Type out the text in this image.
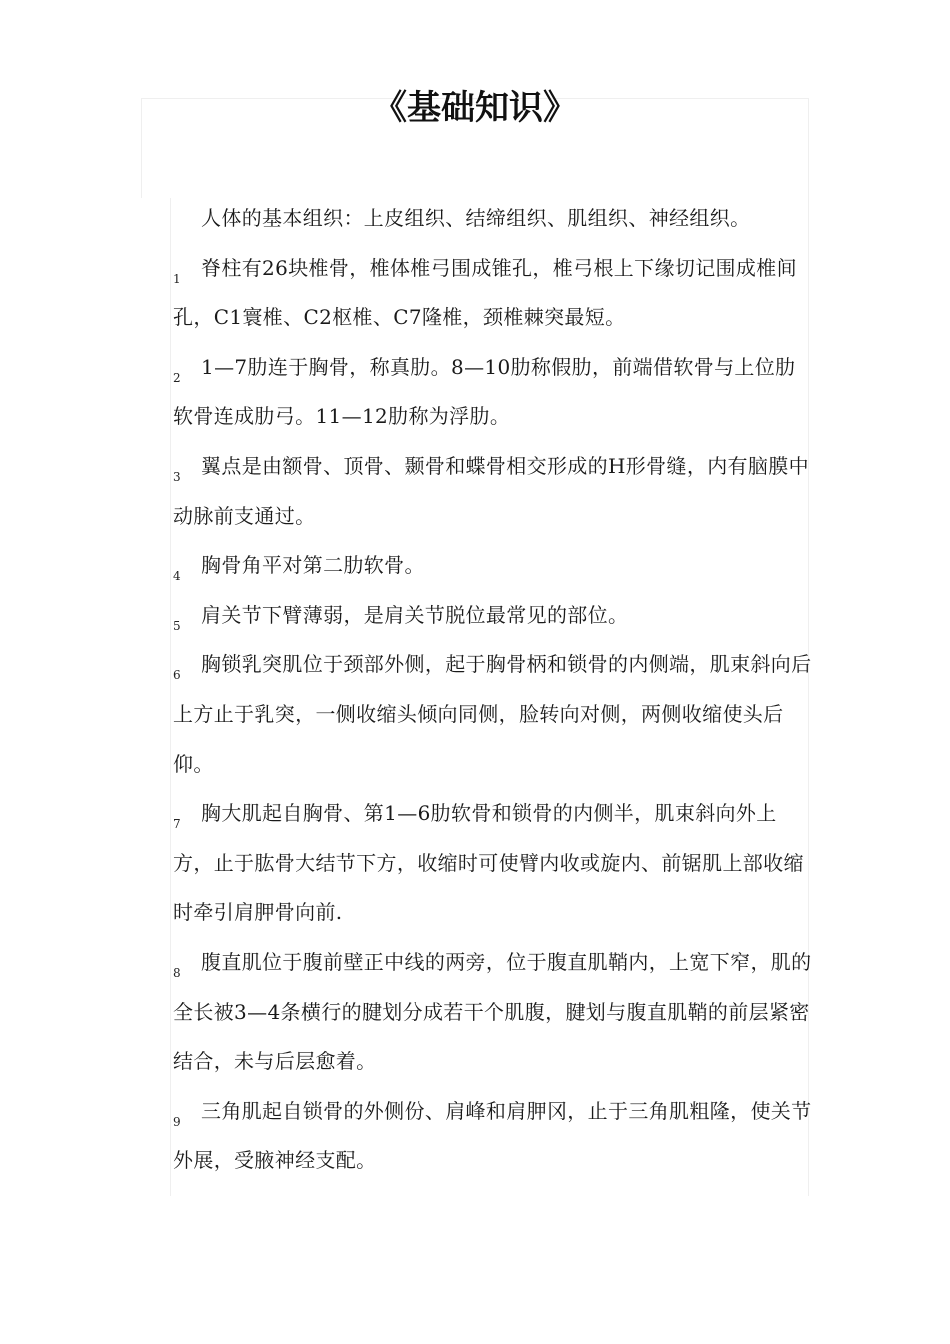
《基础知识》

人体的基本组织：上皮组织、结缔组织、肌组织、神经组织。

1 脊柱有26块椎骨，椎体椎弓围成锥孔，椎弓根上下缘切记围成椎间孔，C1寰椎、C2枢椎、C7隆椎，颈椎棘突最短。

2 1—7肋连于胸骨，称真肋。8—10肋称假肋，前端借软骨与上位肋软骨连成肋弓。11—12肋称为浮肋。

3 翼点是由额骨、顶骨、颞骨和蝶骨相交形成的H形骨缝，内有脑膜中动脉前支通过。

4 胸骨角平对第二肋软骨。

5 肩关节下臂薄弱，是肩关节脱位最常见的部位。

6 胸锁乳突肌位于颈部外侧，起于胸骨柄和锁骨的内侧端，肌束斜向后上方止于乳突，一侧收缩头倾向同侧，脸转向对侧，两侧收缩使头后仰。

7 胸大肌起自胸骨、第1—6肋软骨和锁骨的内侧半，肌束斜向外上方，止于肱骨大结节下方，收缩时可使臂内收或旋内、前锯肌上部收缩时牵引肩胛骨向前.

8 腹直肌位于腹前壁正中线的两旁，位于腹直肌鞘内，上宽下窄，肌的全长被3—4条横行的腱划分成若干个肌腹，腱划与腹直肌鞘的前层紧密结合，未与后层愈着。

9 三角肌起自锁骨的外侧份、肩峰和肩胛冈，止于三角肌粗隆，使关节外展，受腋神经支配。
